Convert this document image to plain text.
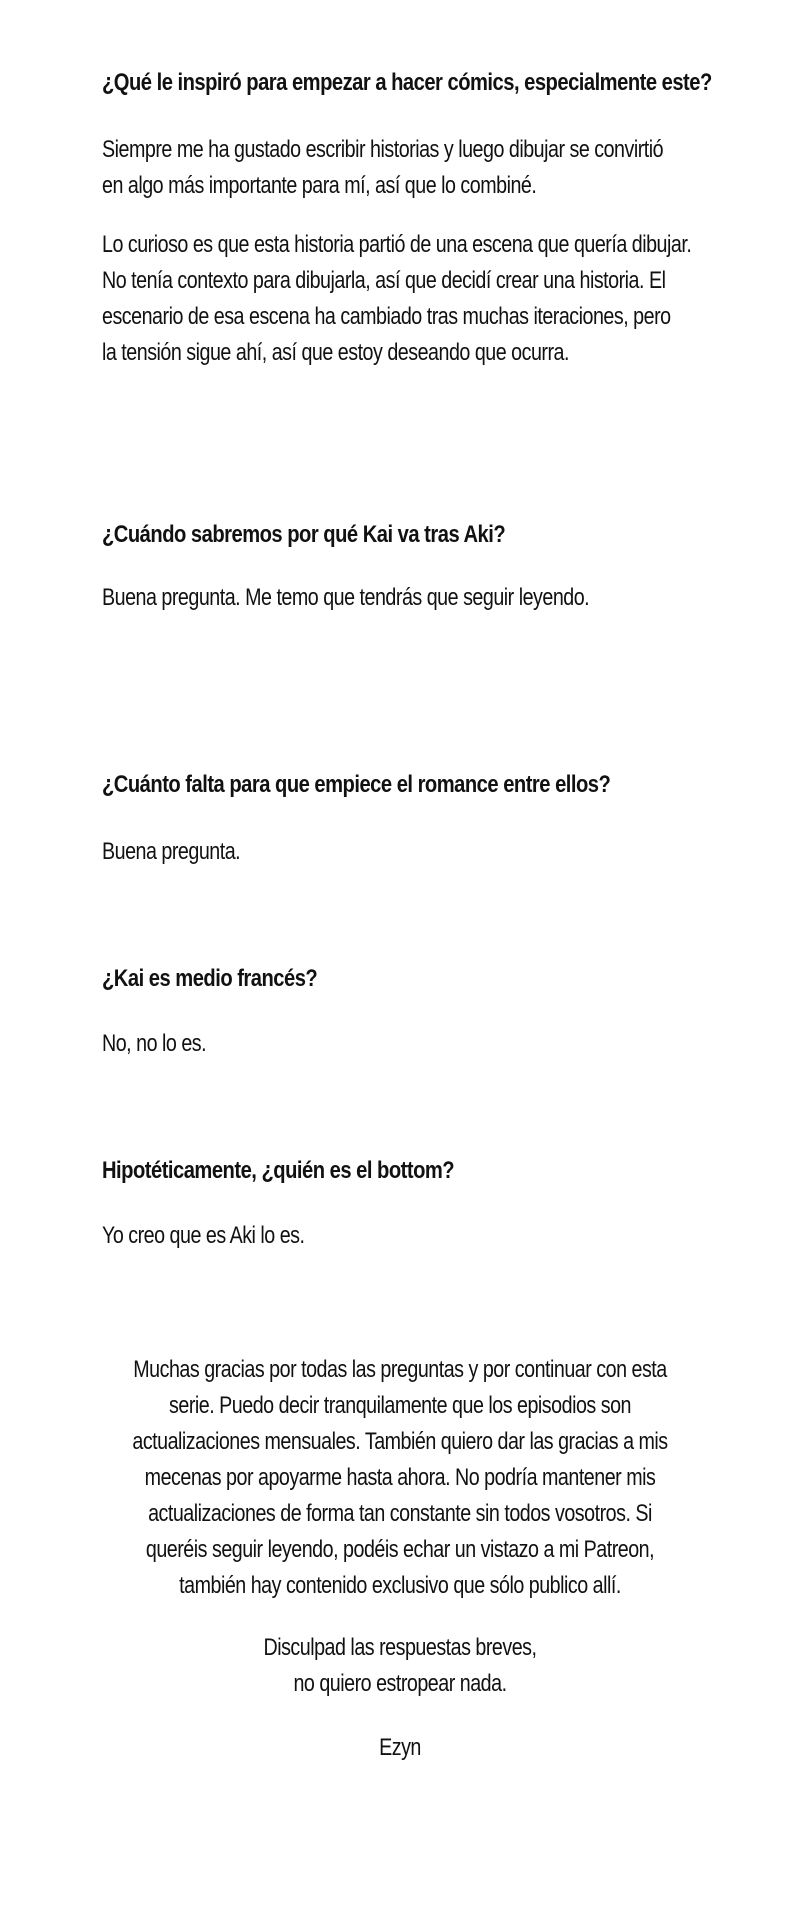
¿Qué le inspiró para empezar a hacer cómics, especialmente este?

Siempre me ha gustado escribir historias y luego dibujar se convirtió
en algo más importante para mí, así que lo combiné.

Lo curioso es que esta historia partió de una escena que quería dibujar.
No tenía contexto para dibujarla, así que decidí crear una historia. El
escenario de esa escena ha cambiado tras muchas iteraciones, pero
la tensión sigue ahí, así que estoy deseando que ocurra.

¿Cuándo sabremos por qué Kai va tras Aki?

Buena pregunta. Me temo que tendrás que seguir leyendo.

¿Cuánto falta para que empiece el romance entre ellos?

Buena pregunta.

¿Kai es medio francés?

No, no lo es.

Hipotéticamente, ¿quién es el bottom?

Yo creo que es Aki lo es.

Muchas gracias por todas las preguntas y por continuar con esta
serie. Puedo decir tranquilamente que los episodios son
actualizaciones mensuales. También quiero dar las gracias a mis
mecenas por apoyarme hasta ahora. No podría mantener mis
actualizaciones de forma tan constante sin todos vosotros. Si
queréis seguir leyendo, podéis echar un vistazo a mi Patreon,
también hay contenido exclusivo que sólo publico allí.

Disculpad las respuestas breves,
no quiero estropear nada.

Ezyn
